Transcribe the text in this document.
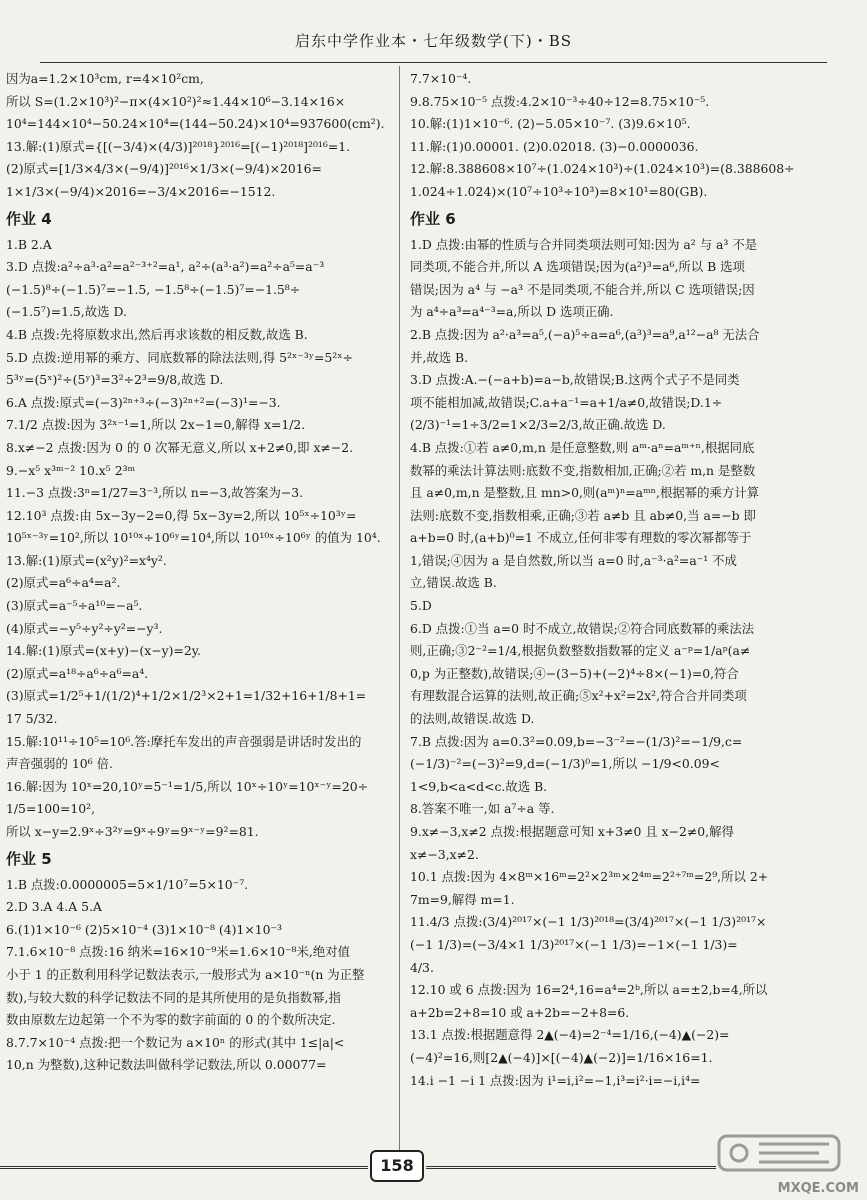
启东中学作业本・七年级数学(下)・BS
因为a=1.2×10³cm, r=4×10²cm,
所以 S=(1.2×10³)²−π×(4×10²)²≈1.44×10⁶−3.14×16×
10⁴=144×10⁴−50.24×10⁴=(144−50.24)×10⁴=937600(cm²).
13.解:(1)原式={[(−3/4)×(4/3)]²⁰¹⁸}²⁰¹⁶=[(−1)²⁰¹⁸]²⁰¹⁶=1.
(2)原式=[1/3×4/3×(−9/4)]²⁰¹⁶×1/3×(−9/4)×2016=
1×1/3×(−9/4)×2016=−3/4×2016=−1512.
作业 4
1.B 2.A
3.D 点拨:a²÷a³·a²=a²⁻³⁺²=a¹, a²÷(a³·a²)=a²÷a⁵=a⁻³
(−1.5)⁸÷(−1.5)⁷=−1.5, −1.5⁸÷(−1.5)⁷=−1.5⁸÷
(−1.5⁷)=1.5,故选 D.
4.B 点拨:先将原数求出,然后再求该数的相反数,故选 B.
5.D 点拨:逆用幂的乘方、同底数幂的除法法则,得 5²ˣ⁻³ʸ=5²ˣ÷
5³ʸ=(5ˣ)²÷(5ʸ)³=3²÷2³=9/8,故选 D.
6.A 点拨:原式=(−3)²ⁿ⁺³÷(−3)²ⁿ⁺²=(−3)¹=−3.
7.1/2 点拨:因为 3²ˣ⁻¹=1,所以 2x−1=0,解得 x=1/2.
8.x≠−2 点拨:因为 0 的 0 次幂无意义,所以 x+2≠0,即 x≠−2.
9.−x⁵ x³ᵐ⁻² 10.x⁵ 2³ᵐ
11.−3 点拨:3ⁿ=1/27=3⁻³,所以 n=−3,故答案为−3.
12.10³ 点拨:由 5x−3y−2=0,得 5x−3y=2,所以 10⁵ˣ÷10³ʸ=
10⁵ˣ⁻³ʸ=10²,所以 10¹⁰ˣ÷10⁶ʸ=10⁴,所以 10¹⁰ˣ÷10⁶ʸ 的值为 10⁴.
13.解:(1)原式=(x²y)²=x⁴y².
(2)原式=a⁶÷a⁴=a².
(3)原式=a⁻⁵÷a¹⁰=−a⁵.
(4)原式=−y⁵÷y²÷y²=−y³.
14.解:(1)原式=(x+y)−(x−y)=2y.
(2)原式=a¹⁸÷a⁶÷a⁶=a⁴.
(3)原式=1/2⁵+1/(1/2)⁴+1/2×1/2³×2+1=1/32+16+1/8+1=
17 5/32.
15.解:10¹¹÷10⁵=10⁶.答:摩托车发出的声音强弱是讲话时发出的
声音强弱的 10⁶ 倍.
16.解:因为 10ˣ=20,10ʸ=5⁻¹=1/5,所以 10ˣ÷10ʸ=10ˣ⁻ʸ=20÷
1/5=100=10²,
所以 x−y=2.9ˣ÷3²ʸ=9ˣ÷9ʸ=9ˣ⁻ʸ=9²=81.
作业 5
1.B 点拨:0.0000005=5×1/10⁷=5×10⁻⁷.
2.D 3.A 4.A 5.A
6.(1)1×10⁻⁶ (2)5×10⁻⁴ (3)1×10⁻⁸ (4)1×10⁻³
7.1.6×10⁻⁸ 点拨:16 纳米=16×10⁻⁹米=1.6×10⁻⁸米,绝对值
小于 1 的正数利用科学记数法表示,一般形式为 a×10⁻ⁿ(n 为正整
数),与较大数的科学记数法不同的是其所使用的是负指数幂,指
数由原数左边起第一个不为零的数字前面的 0 的个数所决定.
8.7.7×10⁻⁴ 点拨:把一个数记为 a×10ⁿ 的形式(其中 1≤|a|<
10,n 为整数),这种记数法叫做科学记数法,所以 0.00077=
7.7×10⁻⁴.
9.8.75×10⁻⁵ 点拨:4.2×10⁻³÷40÷12=8.75×10⁻⁵.
10.解:(1)1×10⁻⁶. (2)−5.05×10⁻⁷. (3)9.6×10⁵.
11.解:(1)0.00001. (2)0.02018. (3)−0.0000036.
12.解:8.388608×10⁷÷(1.024×10³)÷(1.024×10³)=(8.388608÷
1.024÷1.024)×(10⁷÷10³÷10³)=8×10¹=80(GB).
作业 6
1.D 点拨:由幂的性质与合并同类项法则可知:因为 a² 与 a³ 不是
同类项,不能合并,所以 A 选项错误;因为(a²)³=a⁶,所以 B 选项
错误;因为 a⁴ 与 −a³ 不是同类项,不能合并,所以 C 选项错误;因
为 a⁴÷a³=a⁴⁻³=a,所以 D 选项正确.
2.B 点拨:因为 a²·a³=a⁵,(−a)⁵÷a=a⁶,(a³)³=a⁹,a¹²−a⁸ 无法合
并,故选 B.
3.D 点拨:A.−(−a+b)=a−b,故错误;B.这两个式子不是同类
项不能相加减,故错误;C.a+a⁻¹=a+1/a≠0,故错误;D.1÷
(2/3)⁻¹=1÷3/2=1×2/3=2/3,故正确.故选 D.
4.B 点拨:①若 a≠0,m,n 是任意整数,则 aᵐ·aⁿ=aᵐ⁺ⁿ,根据同底
数幂的乘法计算法则:底数不变,指数相加,正确;②若 m,n 是整数
且 a≠0,m,n 是整数,且 mn>0,则(aᵐ)ⁿ=aᵐⁿ,根据幂的乘方计算
法则:底数不变,指数相乘,正确;③若 a≠b 且 ab≠0,当 a=−b 即
a+b=0 时,(a+b)⁰=1 不成立,任何非零有理数的零次幂都等于
1,错误;④因为 a 是自然数,所以当 a=0 时,a⁻³·a²=a⁻¹ 不成
立,错误.故选 B.
5.D
6.D 点拨:①当 a=0 时不成立,故错误;②符合同底数幂的乘法法
则,正确;③2⁻²=1/4,根据负数整数指数幂的定义 a⁻ᵖ=1/aᵖ(a≠
0,p 为正整数),故错误;④−(3−5)+(−2)⁴÷8×(−1)=0,符合
有理数混合运算的法则,故正确;⑤x²+x²=2x²,符合合并同类项
的法则,故错误.故选 D.
7.B 点拨:因为 a=0.3²=0.09,b=−3⁻²=−(1/3)²=−1/9,c=
(−1/3)⁻²=(−3)²=9,d=(−1/3)⁰=1,所以 −1/9<0.09<
1<9,b<a<d<c.故选 B.
8.答案不唯一,如 a⁷÷a 等.
9.x≠−3,x≠2 点拨:根据题意可知 x+3≠0 且 x−2≠0,解得
x≠−3,x≠2.
10.1 点拨:因为 4×8ᵐ×16ᵐ=2²×2³ᵐ×2⁴ᵐ=2²⁺⁷ᵐ=2⁹,所以 2+
7m=9,解得 m=1.
11.4/3 点拨:(3/4)²⁰¹⁷×(−1 1/3)²⁰¹⁸=(3/4)²⁰¹⁷×(−1 1/3)²⁰¹⁷×
(−1 1/3)=(−3/4×1 1/3)²⁰¹⁷×(−1 1/3)=−1×(−1 1/3)=
4/3.
12.10 或 6 点拨:因为 16=2⁴,16=a⁴=2ᵇ,所以 a=±2,b=4,所以
a+2b=2+8=10 或 a+2b=−2+8=6.
13.1 点拨:根据题意得 2▲(−4)=2⁻⁴=1/16,(−4)▲(−2)=
(−4)²=16,则[2▲(−4)]×[(−4)▲(−2)]=1/16×16=1.
14.i −1 −i 1 点拨:因为 i¹=i,i²=−1,i³=i²·i=−i,i⁴=
158
MXQE.COM
